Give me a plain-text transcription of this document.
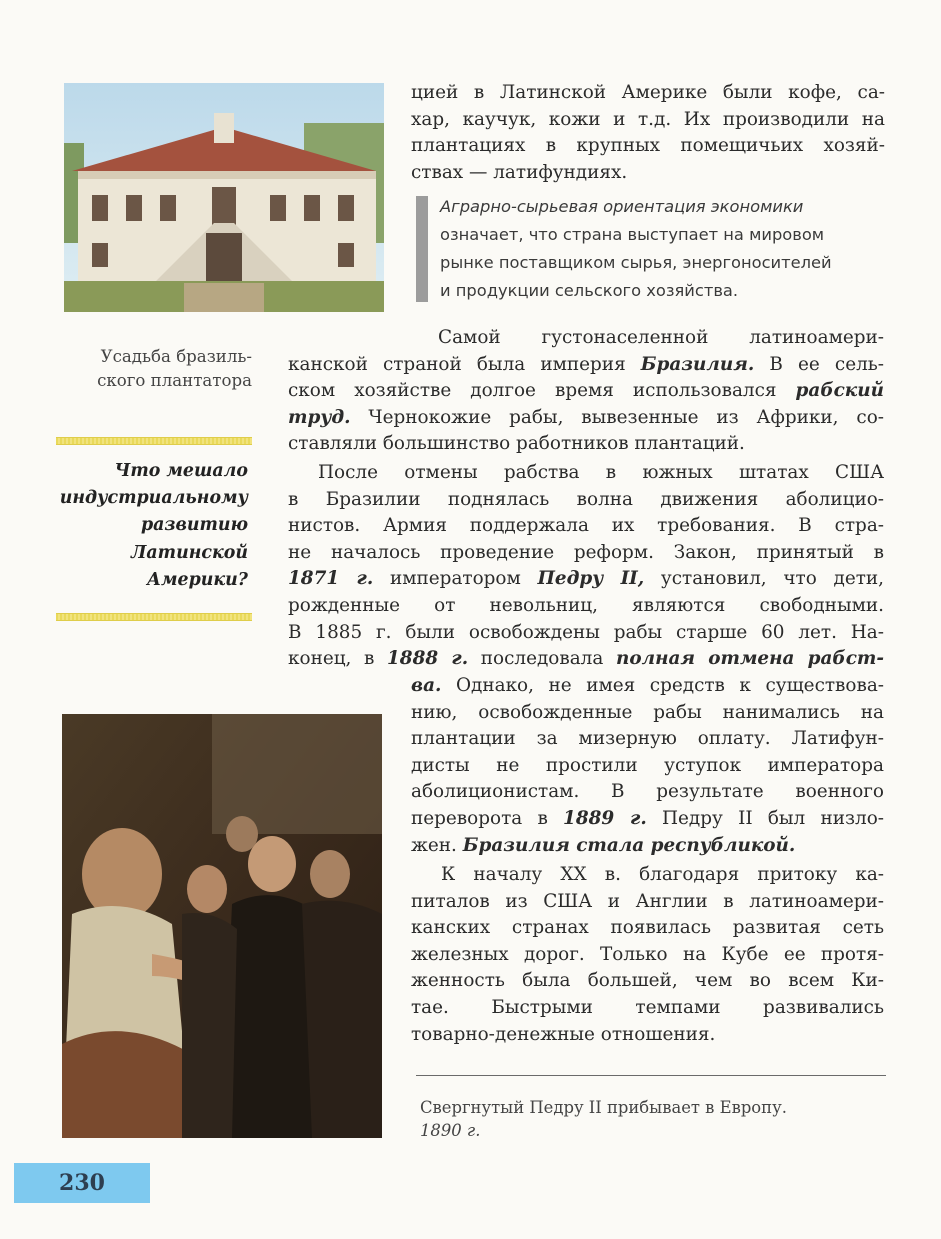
цией в Латинской Америке были кофе, са-
хар, каучук, кожи и т.д. Их производили на
плантациях в крупных помещичьих хозяй-
ствах — латифундиях.
Аграрно-сырьевая ориентация экономики
означает, что страна выступает на мировом
рынке поставщиком сырья, энергоносителей
и продукции сельского хозяйства.
Усадьба бразиль-
ского плантатора
Самой густонаселенной латиноамери-
канской страной была империя Бразилия. В ее сель-
ском хозяйстве долгое время использовался рабский
труд. Чернокожие рабы, вывезенные из Африки, со-
ставляли большинство работников плантаций.
Что мешало
индустриальному
развитию
Латинской
Америки?
После отмены рабства в южных штатах США
в Бразилии поднялась волна движения аболицио-
нистов. Армия поддержала их требования. В стра-
не началось проведение реформ. Закон, принятый в
1871 г. императором Педру II, установил, что дети,
рожденные от невольниц, являются свободными.
В 1885 г. были освобождены рабы старше 60 лет. На-
конец, в 1888 г. последовала полная отмена рабст-
ва. Однако, не имея средств к существова-
нию, освобожденные рабы нанимались на
плантации за мизерную оплату. Латифун-
дисты не простили уступок императора
аболиционистам. В результате военного
переворота в 1889 г. Педру II был низло-
жен. Бразилия стала республикой.
К началу XX в. благодаря притоку ка-
питалов из США и Англии в латиноамери-
канских странах появилась развитая сеть
железных дорог. Только на Кубе ее протя-
женность была большей, чем во всем Ки-
тае. Быстрыми темпами развивались
товарно-денежные отношения.
Свергнутый Педру II прибывает в Европу.
1890 г.
230
